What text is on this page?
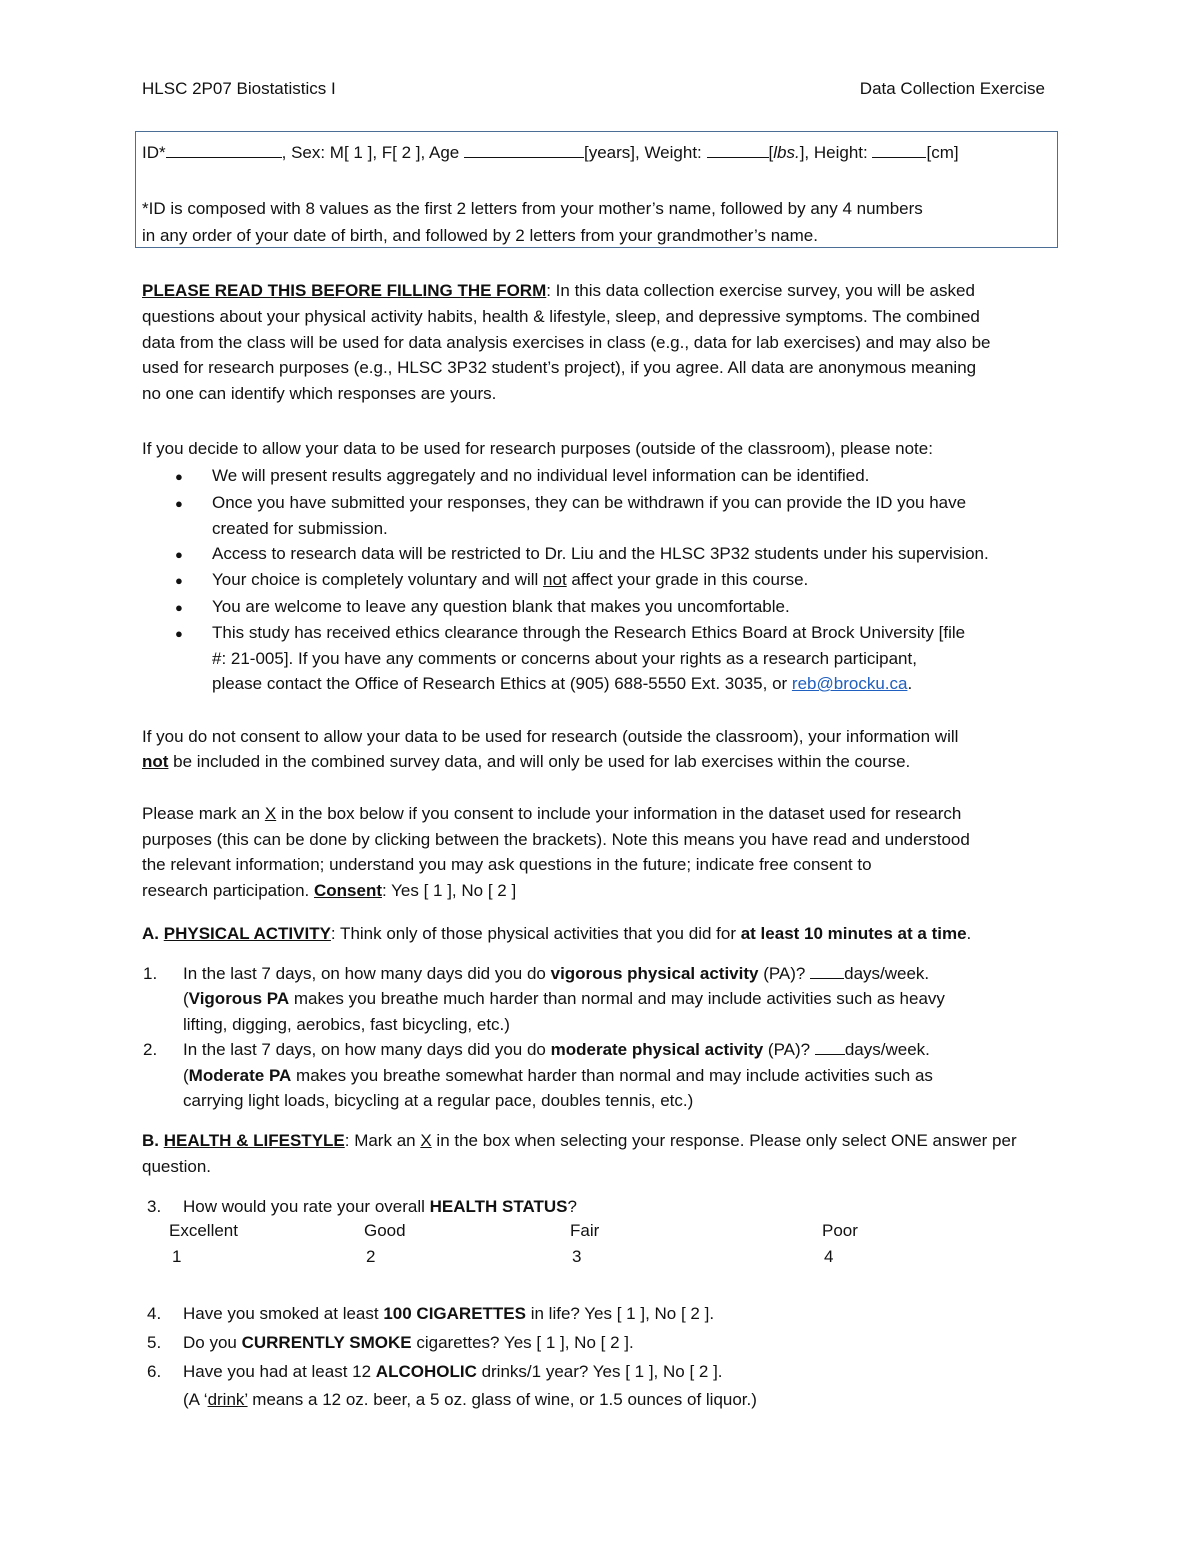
HLSC 2P07 Biostatistics I	Data Collection Exercise
ID*	, Sex: M[ 1 ], F[ 2 ], Age	[years], Weight:	[lbs.], Height:	[cm]
*ID is composed with 8 values as the first 2 letters from your mother’s name, followed by any 4 numbers
in any order of your date of birth, and followed by 2 letters from your grandmother’s name.
PLEASE READ THIS BEFORE FILLING THE FORM: In this data collection exercise survey, you will be asked
questions about your physical activity habits, health & lifestyle, sleep, and depressive symptoms. The combined
data from the class will be used for data analysis exercises in class (e.g., data for lab exercises) and may also be
used for research purposes (e.g., HLSC 3P32 student’s project), if you agree. All data are anonymous meaning
no one can identify which responses are yours.
If you decide to allow your data to be used for research purposes (outside of the classroom), please note:
● We will present results aggregately and no individual level information can be identified.
● Once you have submitted your responses, they can be withdrawn if you can provide the ID you have
created for submission.
● Access to research data will be restricted to Dr. Liu and the HLSC 3P32 students under his supervision.
● Your choice is completely voluntary and will not affect your grade in this course.
● You are welcome to leave any question blank that makes you uncomfortable.
● This study has received ethics clearance through the Research Ethics Board at Brock University [file
#: 21-005]. If you have any comments or concerns about your rights as a research participant,
please contact the Office of Research Ethics at (905) 688-5550 Ext. 3035, or reb@brocku.ca.
If you do not consent to allow your data to be used for research (outside the classroom), your information will
not be included in the combined survey data, and will only be used for lab exercises within the course.
Please mark an X in the box below if you consent to include your information in the dataset used for research
purposes (this can be done by clicking between the brackets). Note this means you have read and understood
the relevant information; understand you may ask questions in the future; indicate free consent to
research participation. Consent: Yes [ 1 ], No [ 2 ]
A. PHYSICAL ACTIVITY: Think only of those physical activities that you did for at least 10 minutes at a time.
1. In the last 7 days, on how many days did you do vigorous physical activity (PA)? days/week.
(Vigorous PA makes you breathe much harder than normal and may include activities such as heavy
lifting, digging, aerobics, fast bicycling, etc.)
2. In the last 7 days, on how many days did you do moderate physical activity (PA)? days/week.
(Moderate PA makes you breathe somewhat harder than normal and may include activities such as
carrying light loads, bicycling at a regular pace, doubles tennis, etc.)
B. HEALTH & LIFESTYLE: Mark an X in the box when selecting your response. Please only select ONE answer per
question.
3. How would you rate your overall HEALTH STATUS?
Excellent	Good	Fair	Poor
1	2	3	4
4. Have you smoked at least 100 CIGARETTES in life? Yes [ 1 ], No [ 2 ].
5. Do you CURRENTLY SMOKE cigarettes? Yes [ 1 ], No [ 2 ].
6. Have you had at least 12 ALCOHOLIC drinks/1 year? Yes [ 1 ], No [ 2 ].
(A ‘drink’ means a 12 oz. beer, a 5 oz. glass of wine, or 1.5 ounces of liquor.)
